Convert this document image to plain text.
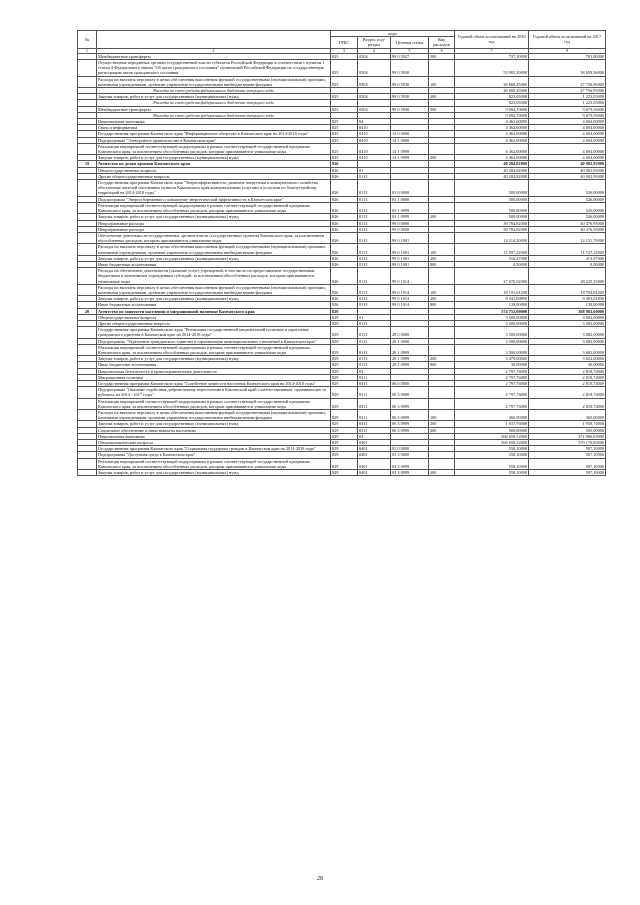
№		коды				Годовой объем ассигнований на 2016 год	Годовой объем ассигнований на 2017 год
		ГРБС	Раздел, под-раздел	Целевая статья	Вид расходов		
1	2	3	4	5	6	7	8
	Межбюджетные трансферты	825	0304	99 0 5927	500	737,10000	781,80000
	Осуществление переданных органам государственной власти субъектов Российской Федерации в соответствии с пунктом 1 статьи 4 Федерального закона "Об актах гражданского состояния" полномочий Российской Федерации на государственную регистрацию актов гражданского состояния	825	0304	99 0 5930		53 985,20000	38 659,56000
	Расходы на выплаты персоналу в целях обеспечения выполнения функций государственными (муниципальными) органами, казенными учреждениями, органами управления государственными внебюджетными фондами	825	0304	99 0 5930	100	26 669,45000	27 756,95000
	Расходы за счет средств федерального бюджета текущего года					26 669,45000	27 756,95000
	Закупка товаров, работ и услуг для государственных (муниципальных) нужд	825	0304	99 0 5930	200	823,05000	1 223,05000
	Расходы за счет средств федерального бюджета текущего года					823,05000	1 223,05000
	Межбюджетные трансферты	825	0304	99 0 5930	500	9 092,70000	9 679,56000
	Расходы за счет средств федерального бюджета текущего года					9 092,70000	9 679,56000
	Национальная экономика	825	04			4 462,00000	4 694,00000
	Связь и информатика	825	0410			4 462,00000	4 694,00000
	Государственная программа Камчатского края "Информационное общество в Камчатском крае на 2014-2018 годы"	825	0410	14 0 0000		4 462,00000	4 694,00000
	Подпрограмма "Электронное правительство в Камчатском крае"	825	0410	14 1 0000		4 462,00000	4 694,00000
	Реализация мероприятий соответствующей подпрограммы в рамках соответствующей государственной программы Камчатского края, за исключением обособленных расходов, которым присваиваются уникальные коды	825	0410	14 1 0999		4 462,00000	4 694,00000
	Закупка товаров, работ и услуг для государственных (муниципальных) нужд	825	0410	14 1 0999	200	4 462,00000	4 694,00000
19	Агентство по делам архивов Камчатского края	826				40 284,82000	40 902,93000
	Общегосударственные вопросы	826	01			40 284,82000	40 902,93000
	Другие общегосударственные вопросы	826	0113			40 284,82000	40 902,93000
	Государственная программа Камчатского края "Энергоэффективность, развитие энергетики и коммунального хозяйства, обеспечение жителей населенных пунктов Камчатского края коммунальными услугами и услугами по благоустройству территорий на 2014-2018 годы"	826	0113	03 0 0000		500,00000	526,00000
	Подпрограмма "Энергосбережение и повышение энергетической эффективности в Камчатском крае"	826	0113	03 1 0000		500,00000	526,00000
	Реализация мероприятий соответствующей подпрограммы в рамках соответствующей государственной программы Камчатского края, за исключением обособленных расходов, которым присваиваются уникальные коды	826	0113	03 1 0999		500,00000	526,00000
	Закупка товаров, работ и услуг для государственных (муниципальных) нужд	826	0113	03 1 0999	200	500,00000	526,00000
	Непрограммные расходы	826	0113	99 0 0000		39 784,82000	40 376,93000
	Непрограммные расходы	826	0113	99 0 0000		39 784,82000	40 376,93000
	Обеспечение деятельности государственных органов власти (государственных органов) Камчатского края, за исключением обособленных расходов, которым присваиваются уникальные коды	826	0113	99 0 1001		12 114,20000	12 151,70000
	Расходы на выплаты персоналу в целях обеспечения выполнения функций государственными (муниципальными) органами, казенными учреждениями, органами управления государственными внебюджетными фондами	826	0113	99 0 1001	100	11 597,22000	11 737,22000
	Закупка товаров, работ и услуг для государственных (муниципальных) нужд	826	0113	99 0 1001	200	516,47000	413,97000
	Иные бюджетные ассигнования	826	0113	99 0 1001	800	0,50000	0,50000
	Расходы на обеспечение деятельности (оказание услуг) учреждений, в том числе на предоставление государственным бюджетным и автономным учреждениям субсидий, за исключением обособленных расходов, которым присваиваются уникальные коды	826	0113	99 0 1014		27 670,62000	28 225,23000
	Расходы на выплаты персоналу в целях обеспечения выполнения функций государственными (муниципальными) органами, казенными учреждениями, органами управления государственными внебюджетными фондами	826	0113	99 0 1014	100	18 191,61200	18 704,01200
	Закупка товаров, работ и услуг для государственных (муниципальных) нужд	826	0113	99 0 1014	200	9 341,00890	9 383,01890
	Иные бюджетные ассигнования	826	0113	99 0 1014	800	138,00000	138,00000
20	Агентство по занятости населения и миграционной политике Камчатского края	829				574 752,00000	368 983,60000
	Общегосударственные вопросы	829	01			3 500,00000	3 682,00000
	Другие общегосударственные вопросы	829	0113			3 500,00000	3 682,00000
	Государственная программа Камчатского края "Реализация государственной национальной политики и укрепление гражданского единства в Камчатском крае на 2014-2018 годы"	829	0113	28 0 0000		3 500,00000	3 682,00000
	Подпрограмма "Укрепление гражданского единства и гармонизация межнациональных отношений в Камчатском крае"	829	0113	28 1 0000		3 500,00000	3 682,00000
	Реализация мероприятий соответствующей подпрограммы в рамках соответствующей государственной программы Камчатского края, за исключением обособленных расходов, которым присваиваются уникальные коды	829	0113	28 1 0999		3 500,00000	3 682,00000
	Закупка товаров, работ и услуг для государственных (муниципальных) нужд	829	0113	28 1 0999	200	3 470,00000	3 652,00000
	Иные бюджетные ассигнования	829	0113	28 1 0999	800	30,00000	30,00000
	Национальная безопасность и правоохранительная деятельность	829	03			2 797,76000	2 818,74000
	Миграционная политика	829	0311			2 797,76000	2 818,74000
	Государственная программа Камчатского края "Содействие занятости населения Камчатского края на 2014-2018 годы"	829	0311	06 0 0000		2 797,76000	2 818,74000
	Подпрограмма "Оказание содействия добровольному переселению в Камчатский край соотечественников, проживающих за рубежом, на 2014 - 2017 годы"	829	0311	06 3 0000		2 797,76000	2 818,74000
	Реализация мероприятий соответствующей подпрограммы в рамках соответствующей государственной программы Камчатского края, за исключением обособленных расходов, которым присваиваются уникальные коды	829	0311	06 3 0999		2 797,76000	2 818,74000
	Расходы на выплаты персоналу в целях обеспечения выполнения функций государственными (муниципальными) органами, казенными учреждениями, органами управления государственными внебюджетными фондами	829	0311	06 3 0999	100	360,00000	360,00000
	Закупка товаров, работ и услуг для государственных (муниципальных) нужд	829	0311	06 3 0999	200	1 937,76000	1 958,74000
	Социальное обеспечение и иные выплаты населению	829	0311	06 3 0999	300	500,00000	500,00000
	Национальная экономика	829	04			566 658,52000	371 986,83000
	Общеэкономические вопросы	829	0401			566 658,52000	370 176,83000
	Государственная программа Камчатского края "Социальная поддержка граждан в Камчатском крае на 2014-2018 годы"	829	0401	03 0 0000		558,10000	587,10000
	Подпрограмма "Доступная среда в Камчатском крае"	829	0401	03 3 0000		558,10000	587,10000
	Реализация мероприятий соответствующей подпрограммы в рамках соответствующей государственной программы Камчатского края, за исключением обособленных расходов, которым присваиваются уникальные коды	829	0401	03 3 0999		558,10000	587,10000
	Закупка товаров, работ и услуг для государственных (муниципальных) нужд	829	0401	03 3 0999	200	558,10000	587,10000
28
